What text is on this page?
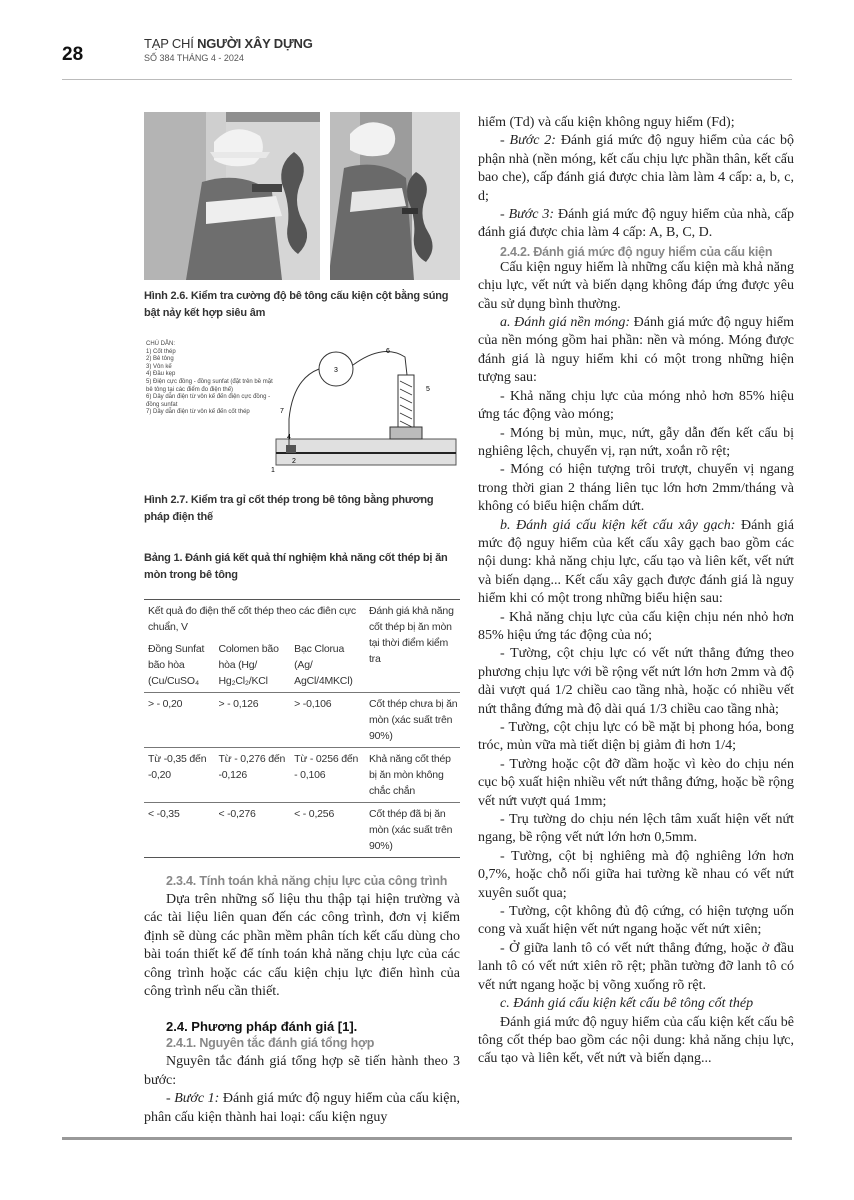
28
TẠP CHÍ NGƯỜI XÂY DỰNG
SỐ 384 THÁNG 4 - 2024

Hình 2.6. Kiểm tra cường độ bê tông cấu kiện cột bằng súng bật nảy kết hợp siêu âm

CHÚ DẪN:
1) Cốt thép
2) Bê tông
3) Vôn kế
4) Đầu kẹp
5) Điện cực đồng - đồng sunfat (đặt trên bề mặt bê tông tại các điểm đo điện thế)
6) Dây dẫn điện từ vôn kế đến điện cực đồng - đồng sunfat
7) Dây dẫn điện từ vôn kế đến cốt thép
1
2
3
4
5
6
7

Hình 2.7. Kiểm tra gỉ cốt thép trong bê tông bằng phương pháp điện thế

Bảng 1. Đánh giá kết quả thí nghiệm khả năng cốt thép bị ăn mòn trong bê tông

Kết quả đo điện thế cốt thép theo các điên cực chuẩn, V			Đánh giá khả năng cốt thép bị ăn mòn tại thời điểm kiểm tra
Đồng Sunfat bão hòa (Cu/CuSO₄	Colomen bão hòa (Hg/ Hg₂Cl₂/KCl	Bạc Clorua (Ag/ AgCl/4MKCl)	
> - 0,20	> - 0,126	> -0,106	Cốt thép chưa bị ăn mòn (xác suất trên 90%)
Từ -0,35 đến -0,20	Từ - 0,276 đến -0,126	Từ - 0256 đến - 0,106	Khả năng cốt thép bị ăn mòn không chắc chắn
< -0,35	< -0,276	< - 0,256	Cốt thép đã bị ăn mòn (xác suất trên 90%)

2.3.4. Tính toán khả năng chịu lực của công trình

Dựa trên những số liệu thu thập tại hiện trường và các tài liệu liên quan đến các công trình, đơn vị kiểm định sẽ dùng các phần mềm phân tích kết cấu dùng cho bài toán thiết kế để tính toán khả năng chịu lực của các công trình hoặc các cấu kiện chịu lực điển hình của công trình nếu cần thiết.

2.4. Phương pháp đánh giá [1].

2.4.1. Nguyên tắc đánh giá tổng hợp

Nguyên tắc đánh giá tổng hợp sẽ tiến hành theo 3 bước:

- Bước 1: Đánh giá mức độ nguy hiểm của cấu kiện, phân cấu kiện thành hai loại: cấu kiện nguy

hiểm (Td) và cấu kiện không nguy hiểm (Fd);

- Bước 2: Đánh giá mức độ nguy hiểm của các bộ phận nhà (nền móng, kết cấu chịu lực phần thân, kết cấu bao che), cấp đánh giá được chia làm làm 4 cấp: a, b, c, d;

- Bước 3: Đánh giá mức độ nguy hiểm của nhà, cấp đánh giá được chia làm 4 cấp: A, B, C, D.

2.4.2. Đánh giá mức độ nguy hiểm của cấu kiện

Cấu kiện nguy hiểm là những cấu kiện mà khả năng chịu lực, vết nứt và biến dạng không đáp ứng được yêu cầu sử dụng bình thường.

a. Đánh giá nền móng: Đánh giá mức độ nguy hiểm của nền móng gồm hai phần: nền và móng. Móng được đánh giá là nguy hiểm khi có một trong những hiện tượng sau:

- Khả năng chịu lực của móng nhỏ hơn 85% hiệu ứng tác động vào móng;

- Móng bị mủn, mục, nứt, gẫy dẫn đến kết cấu bị nghiêng lệch, chuyển vị, rạn nứt, xoắn rõ rệt;

- Móng có hiện tượng trôi trượt, chuyển vị ngang trong thời gian 2 tháng liên tục lớn hơn 2mm/tháng và không có biểu hiện chấm dứt.

b. Đánh giá cấu kiện kết cấu xây gạch: Đánh giá mức độ nguy hiểm của kết cấu xây gạch bao gồm các nội dung: khả năng chịu lực, cấu tạo và liên kết, vết nứt và biến dạng... Kết cấu xây gạch được đánh giá là nguy hiểm khi có một trong những biểu hiện sau:

- Khả năng chịu lực của cấu kiện chịu nén nhỏ hơn 85% hiệu ứng tác động của nó;

- Tường, cột chịu lực có vết nứt thẳng đứng theo phương chịu lực với bề rộng vết nứt lớn hơn 2mm và độ dài vượt quá 1/2 chiều cao tầng nhà, hoặc có nhiều vết nứt thẳng đứng mà độ dài quá 1/3 chiều cao tầng nhà;

- Tường, cột chịu lực có bề mặt bị phong hóa, bong tróc, mủn vữa mà tiết diện bị giảm đi hơn 1/4;

- Tường hoặc cột đỡ dầm hoặc vì kèo do chịu nén cục bộ xuất hiện nhiều vết nứt thẳng đứng, hoặc bề rộng vết nứt vượt quá 1mm;

- Trụ tường do chịu nén lệch tâm xuất hiện vết nứt ngang, bề rộng vết nứt lớn hơn 0,5mm.

- Tường, cột bị nghiêng mà độ nghiêng lớn hơn 0,7%, hoặc chỗ nối giữa hai tường kề nhau có vết nứt xuyên suốt qua;

- Tường, cột không đủ độ cứng, có hiện tượng uốn cong và xuất hiện vết nứt ngang hoặc vết nứt xiên;

- Ở giữa lanh tô có vết nứt thẳng đứng, hoặc ở đầu lanh tô có vết nứt xiên rõ rệt; phần tường đỡ lanh tô có vết nứt ngang hoặc bị võng xuống rõ rệt.

c. Đánh giá cấu kiện kết cấu bê tông cốt thép

Đánh giá mức độ nguy hiểm của cấu kiện kết cấu bê tông cốt thép bao gồm các nội dung: khả năng chịu lực, cấu tạo và liên kết, vết nứt và biến dạng...
